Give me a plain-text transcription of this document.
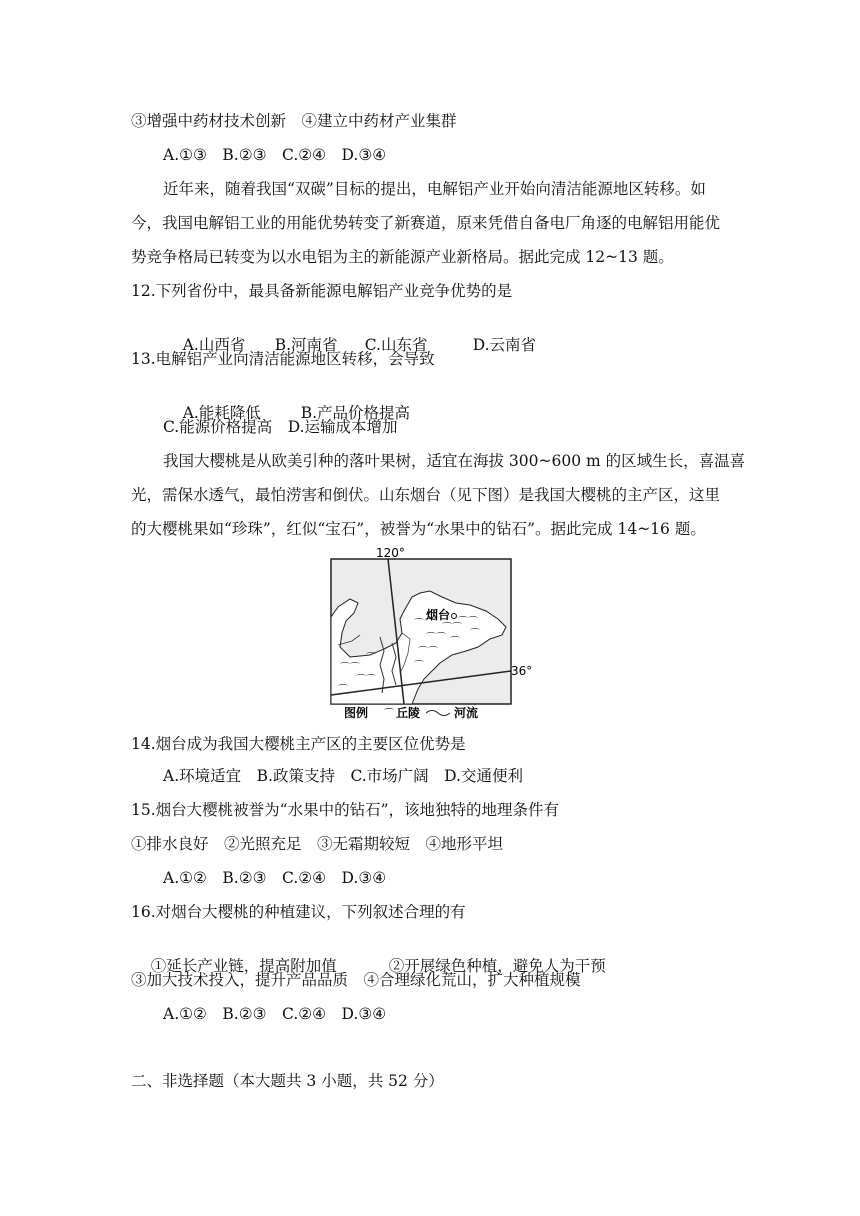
③增强中药材技术创新　④建立中药材产业集群
A.①③　B.②③　C.②④　D.③④
近年来，随着我国“双碳”目标的提出，电解铝产业开始向清洁能源地区转移。如
今，我国电解铝工业的用能优势转变了新赛道，原来凭借自备电厂角逐的电解铝用能优
势竞争格局已转变为以水电铝为主的新能源产业新格局。据此完成 12~13 题。
12.下列省份中，最具备新能源电解铝产业竞争优势的是

A.山西省 B.河南省 C.山东省	D.云南省

13.电解铝产业向清洁能源地区转移，会导致

A.能耗降低	B.产品价格提高

C.能源价格提高　D.运输成本增加
我国大樱桃是从欧美引种的落叶果树，适宜在海拔 300~600 m 的区域生长，喜温喜
光，需保水透气，最怕涝害和倒伏。山东烟台（见下图）是我国大樱桃的主产区，这里
的大樱桃果如“珍珠”，红似“宝石”，被誉为“水果中的钻石”。据此完成 14~16 题。
⌒⌒
⌒⌒
⌒
⌒
⌒⌒
⌒⌒
⌒⌒
⌒⌒
⌒
⌒⌒
⌒
⌒
120°
36°
烟台
图例 ⌒ 丘陵	河流
14.烟台成为我国大樱桃主产区的主要区位优势是
A.环境适宜　B.政策支持　C.市场广阔　D.交通便利
15.烟台大樱桃被誉为“水果中的钻石”，该地独特的地理条件有
①排水良好　②光照充足　③无霜期较短　④地形平坦
A.①②　B.②③　C.②④　D.③④
16.对烟台大樱桃的种植建议，下列叙述合理的有

①延长产业链，提高附加值	②开展绿色种植，避免人为干预

③加大技术投入，提升产品品质　④合理绿化荒山，扩大种植规模
A.①②　B.②③　C.②④　D.③④
二、非选择题（本大题共 3 小题，共 52 分）
